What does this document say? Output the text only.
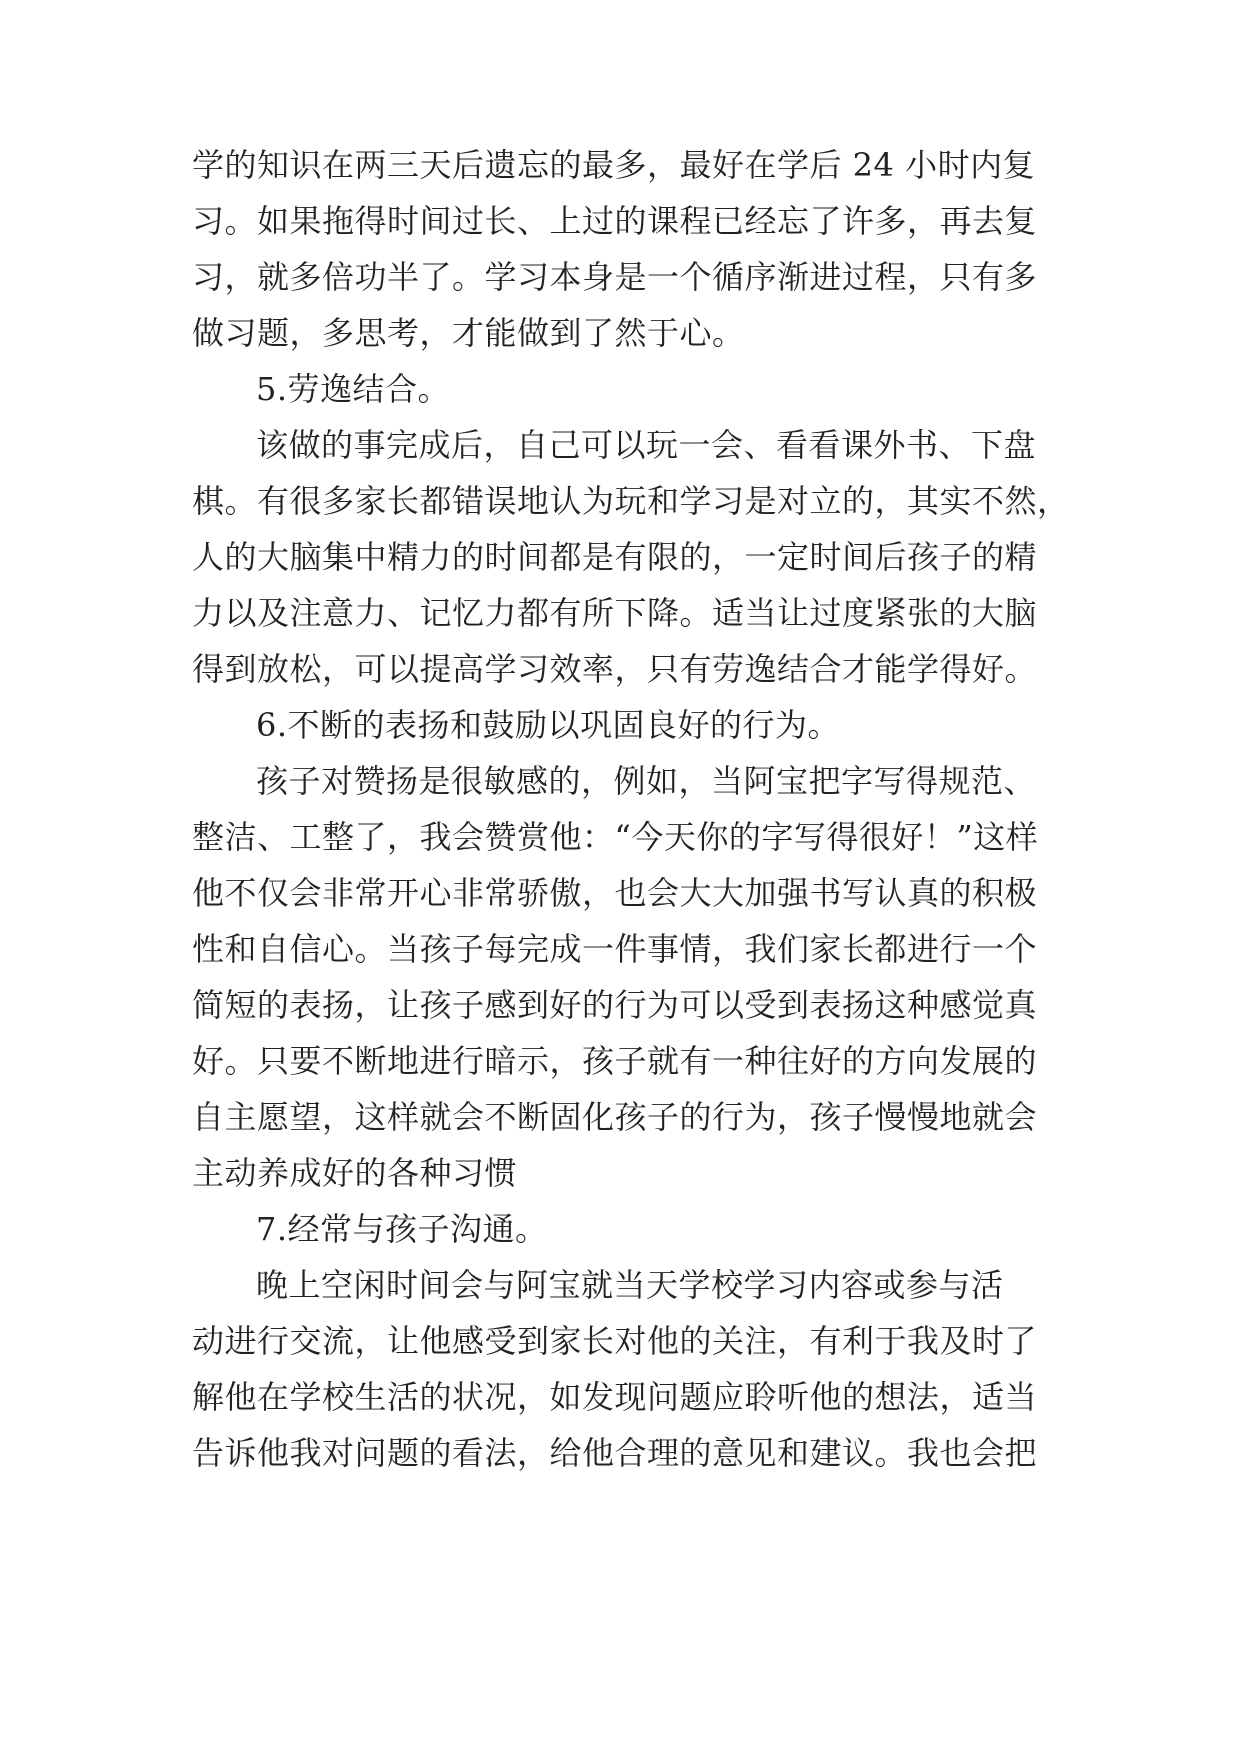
学的知识在两三天后遗忘的最多，最好在学后 24 小时内复
习。如果拖得时间过长、上过的课程已经忘了许多，再去复
习，就多倍功半了。学习本身是一个循序渐进过程，只有多
做习题，多思考，才能做到了然于心。
5.劳逸结合。
该做的事完成后，自己可以玩一会、看看课外书、下盘
棋。有很多家长都错误地认为玩和学习是对立的，其实不然，
人的大脑集中精力的时间都是有限的，一定时间后孩子的精
力以及注意力、记忆力都有所下降。适当让过度紧张的大脑
得到放松，可以提高学习效率，只有劳逸结合才能学得好。
6.不断的表扬和鼓励以巩固良好的行为。
孩子对赞扬是很敏感的，例如，当阿宝把字写得规范、
整洁、工整了，我会赞赏他：“今天你的字写得很好！”这样
他不仅会非常开心非常骄傲，也会大大加强书写认真的积极
性和自信心。当孩子每完成一件事情，我们家长都进行一个
简短的表扬，让孩子感到好的行为可以受到表扬这种感觉真
好。只要不断地进行暗示，孩子就有一种往好的方向发展的
自主愿望，这样就会不断固化孩子的行为，孩子慢慢地就会
主动养成好的各种习惯
7.经常与孩子沟通。
晚上空闲时间会与阿宝就当天学校学习内容或参与活
动进行交流，让他感受到家长对他的关注，有利于我及时了
解他在学校生活的状况，如发现问题应聆听他的想法，适当
告诉他我对问题的看法，给他合理的意见和建议。我也会把
